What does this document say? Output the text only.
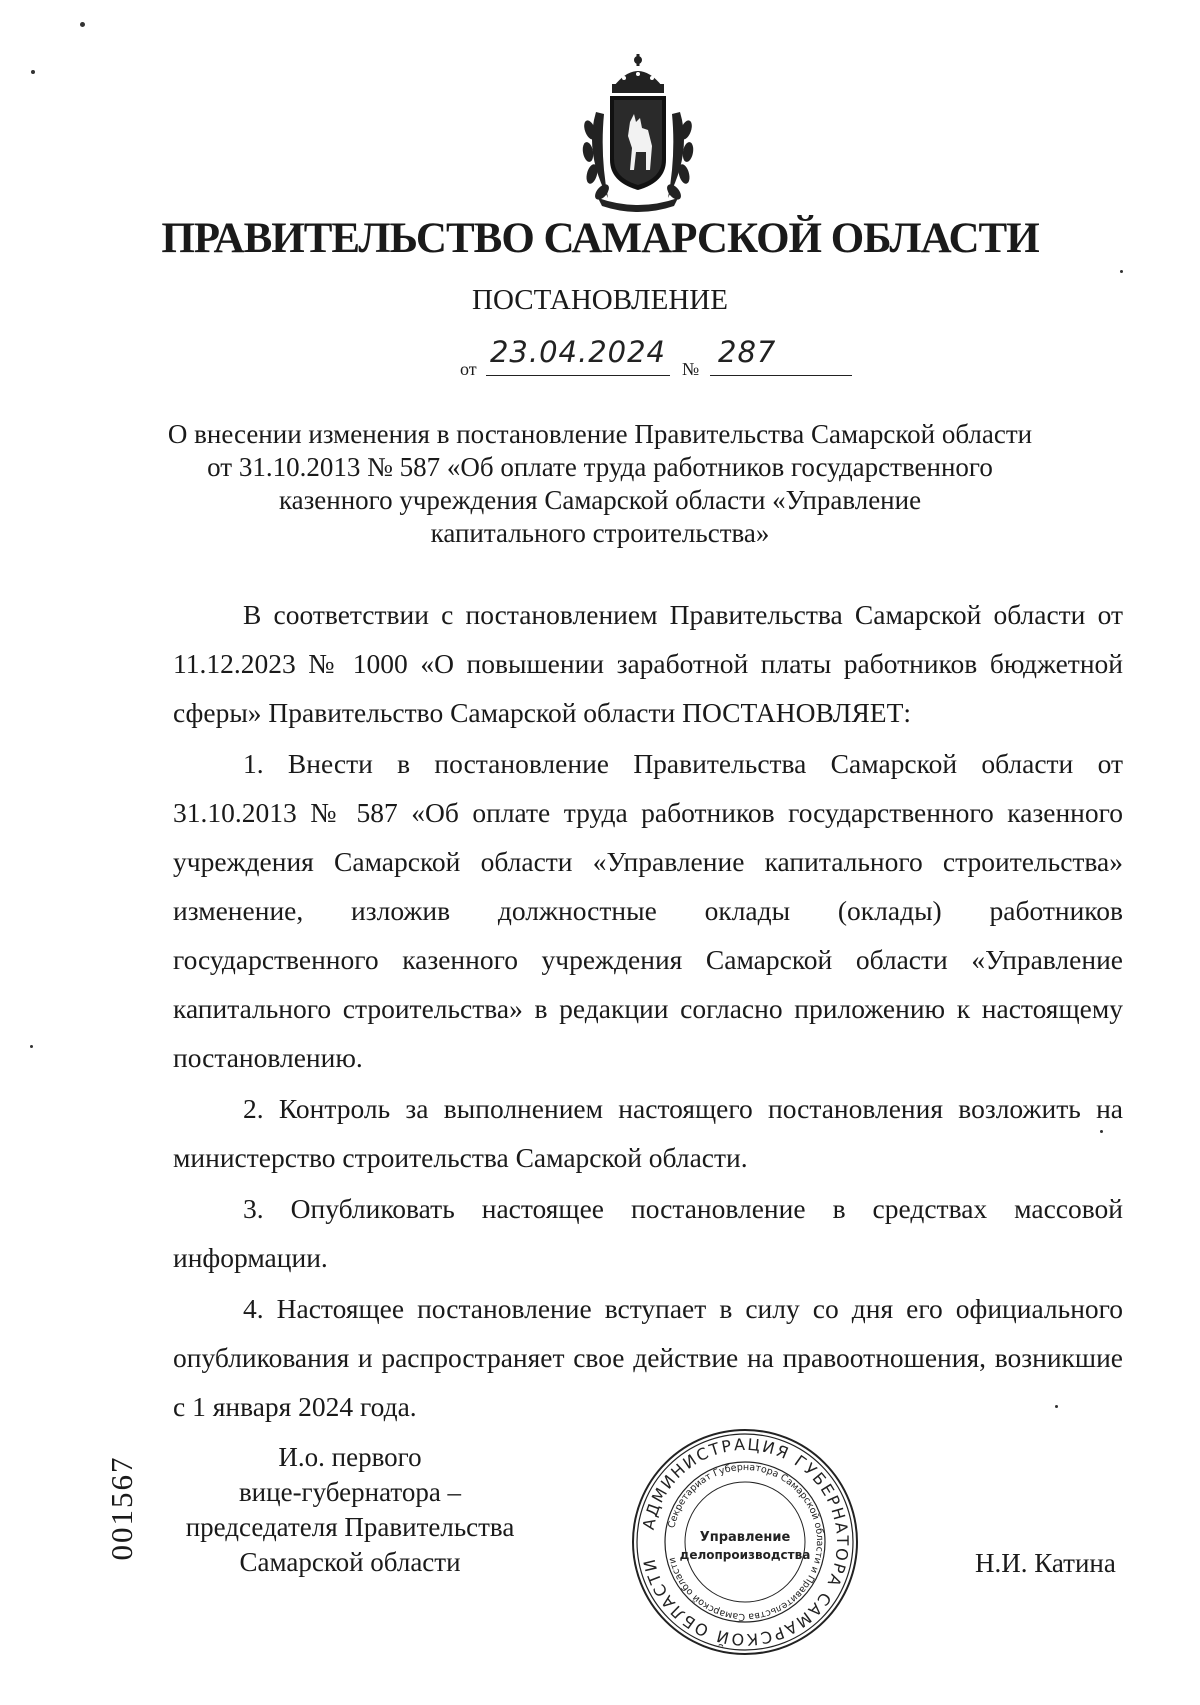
ПРАВИТЕЛЬСТВО САМАРСКОЙ ОБЛАСТИ
ПОСТАНОВЛЕНИЕ
от 23.04.2024 № 287

О внесении изменения в постановление Правительства Самарской области

от 31.10.2013 № 587 «Об оплате труда работников государственного

казенного учреждения Самарской области «Управление

капитального строительства»

В соответствии с постановлением Правительства Самарской области от 11.12.2023 № 1000 «О повышении заработной платы работников бюджетной сферы» Правительство Самарской области ПОСТАНОВЛЯЕТ:

1. Внести в постановление Правительства Самарской области от 31.10.2013 № 587 «Об оплате труда работников государственного казенного учреждения Самарской области «Управление капитального строительства» изменение, изложив должностные оклады (оклады) работников государственного казенного учреждения Самарской области «Управление капитального строительства» в редакции согласно приложению к настоящему постановлению.

2. Контроль за выполнением настоящего постановления возложить на министерство строительства Самарской области.

3. Опубликовать настоящее постановление в средствах массовой информации.

4. Настоящее постановление вступает в силу со дня его официального опубликования и распространяет свое действие на правоотношения, возникшие с 1 января 2024 года.

001567	И.о. первого

вице-губернатора –

председателя Правительства

Самарской области

АДМИНИСТРАЦИЯ ГУБЕРНАТОРА САМАРСКОЙ ОБЛАСТИ
Секретариат Губернатора Самарской области и Правительства Самарской области
Управление
делопроизводства	Н.И. Катина
